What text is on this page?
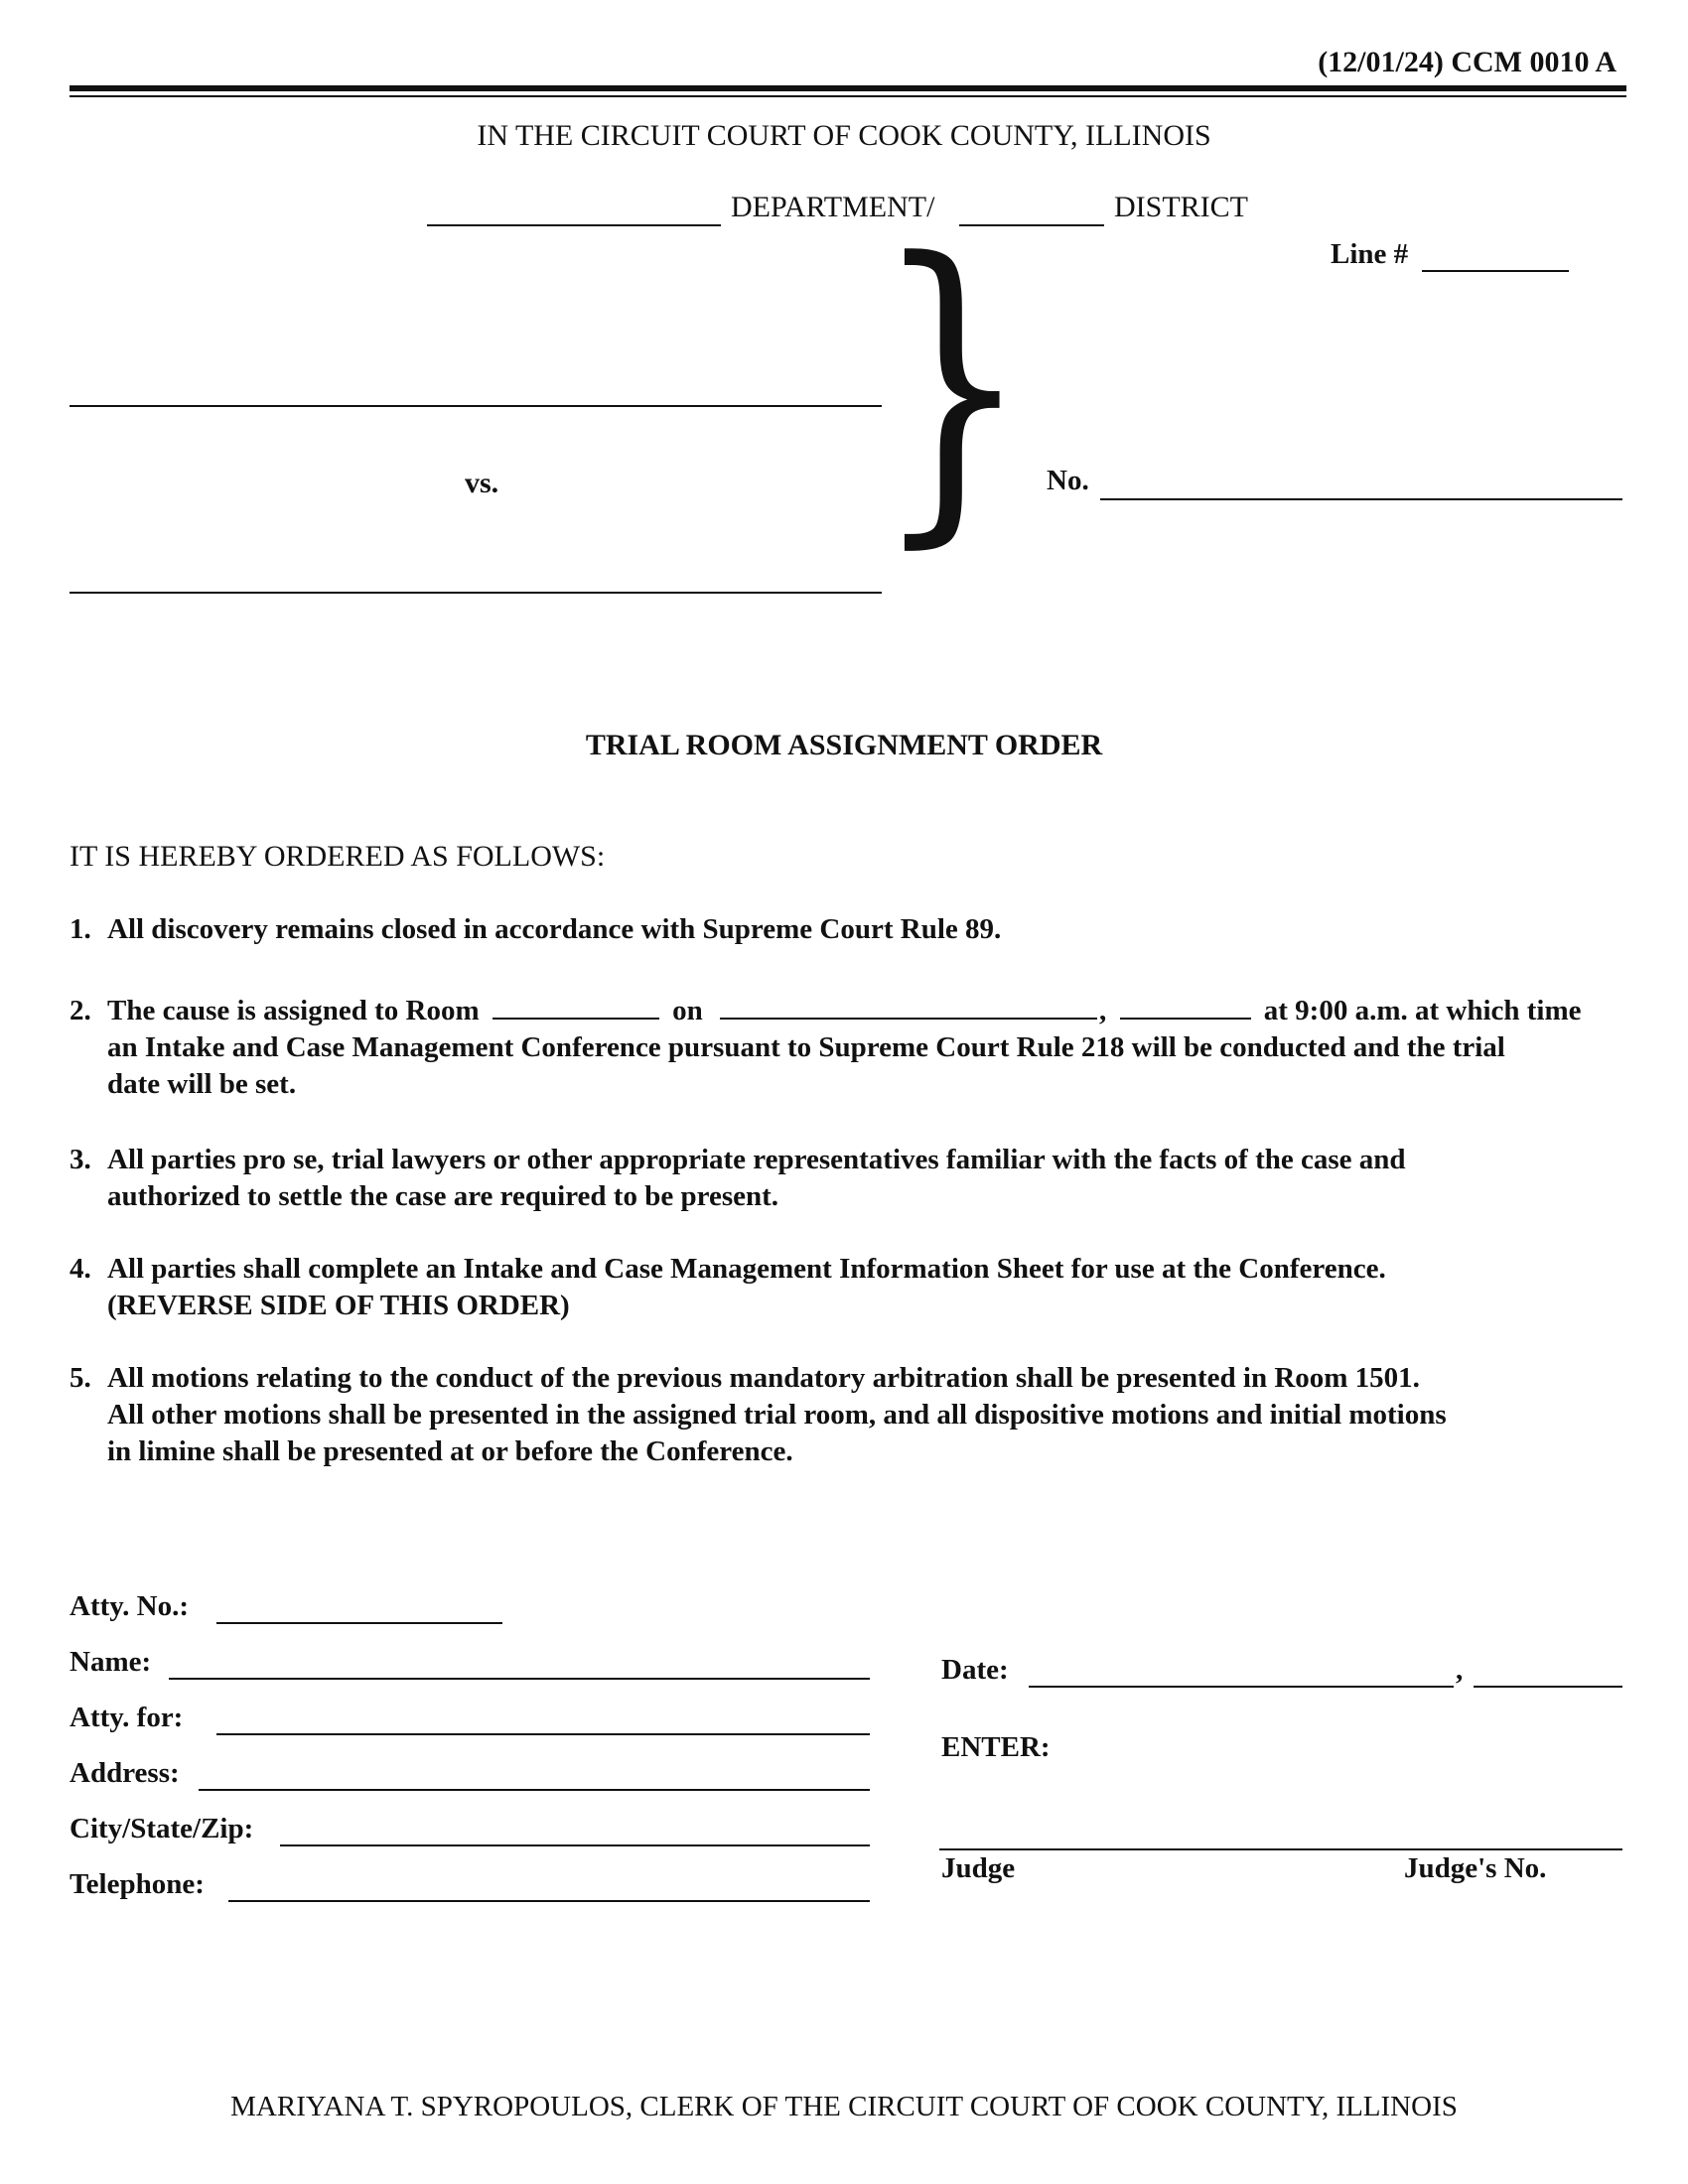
(12/01/24) CCM 0010 A
IN THE CIRCUIT COURT OF COOK COUNTY, ILLINOIS
DEPARTMENT/	DISTRICT
Line #
vs. } No.
TRIAL ROOM ASSIGNMENT ORDER
IT IS HEREBY ORDERED AS FOLLOWS:
1. All discovery remains closed in accordance with Supreme Court Rule 89.
2. The cause is assigned to Room	on	,	at 9:00 a.m. at which time
an Intake and Case Management Conference pursuant to Supreme Court Rule 218 will be conducted and the trial
date will be set.
3. All parties pro se, trial lawyers or other appropriate representatives familiar with the facts of the case and
authorized to settle the case are required to be present.
4. All parties shall complete an Intake and Case Management Information Sheet for use at the Conference.
(REVERSE SIDE OF THIS ORDER)
5. All motions relating to the conduct of the previous mandatory arbitration shall be presented in Room 1501.
All other motions shall be presented in the assigned trial room, and all dispositive motions and initial motions
in limine shall be presented at or before the Conference.
Atty. No.:
Name:
Atty. for:
Address:
City/State/Zip:
Telephone:
Date:	,
ENTER:
Judge	Judge's No.
MARIYANA T. SPYROPOULOS, CLERK OF THE CIRCUIT COURT OF COOK COUNTY, ILLINOIS
